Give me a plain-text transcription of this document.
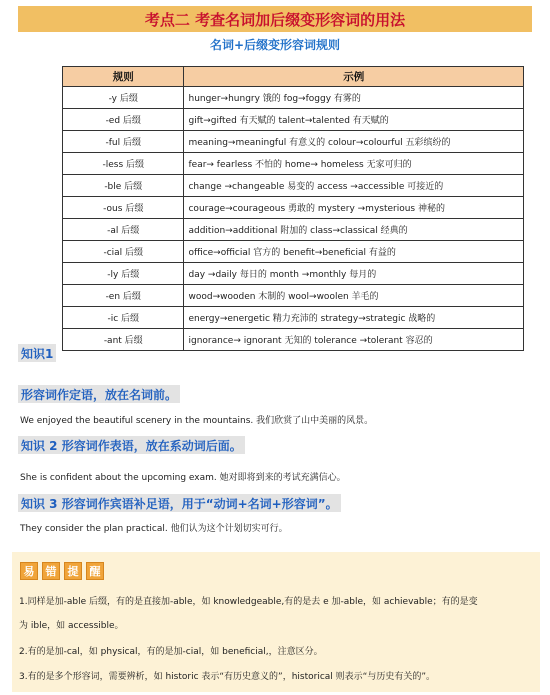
考点二 考查名词加后缀变形容词的用法
名词+后缀变形容词规则
规则	示例
-y 后缀	hunger→hungry 饿的 fog→foggy 有雾的
-ed 后缀	gift→gifted 有天赋的 talent→talented 有天赋的
-ful 后缀	meaning→meaningful 有意义的 colour→colourful 五彩缤纷的
-less 后缀	fear→ fearless 不怕的 home→ homeless 无家可归的
-ble 后缀	change →changeable 易变的 access →accessible 可接近的
-ous 后缀	courage→courageous 勇敢的 mystery →mysterious 神秘的
-al 后缀	addition→additional 附加的 class→classical 经典的
-cial 后缀	office→official 官方的 benefit→beneficial 有益的
-ly 后缀	day →daily 每日的 month →monthly 每月的
-en 后缀	wood→wooden 木制的 wool→woolen 羊毛的
-ic 后缀	energy→energetic 精力充沛的 strategy→strategic 战略的
-ant 后缀	ignorance→ ignorant 无知的 tolerance →tolerant 容忍的
知识1
形容词作定语，放在名词前。
We enjoyed the beautiful scenery in the mountains. 我们欣赏了山中美丽的风景。
知识 2 形容词作表语，放在系动词后面。
She is confident about the upcoming exam. 她对即将到来的考试充满信心。
知识 3 形容词作宾语补足语，用于“动词+名词+形容词”。
They consider the plan practical. 他们认为这个计划切实可行。
易	错	提	醒
1.同样是加-able 后缀，有的是直接加-able，如 knowledgeable,有的是去 e 加-able，如 achievable；有的是变
为 ible，如 accessible。
2.有的是加-cal，如 physical，有的是加-cial，如 beneficial,，注意区分。
3.有的是多个形容词，需要辨析，如 historic 表示“有历史意义的”，historical 则表示“与历史有关的”。
